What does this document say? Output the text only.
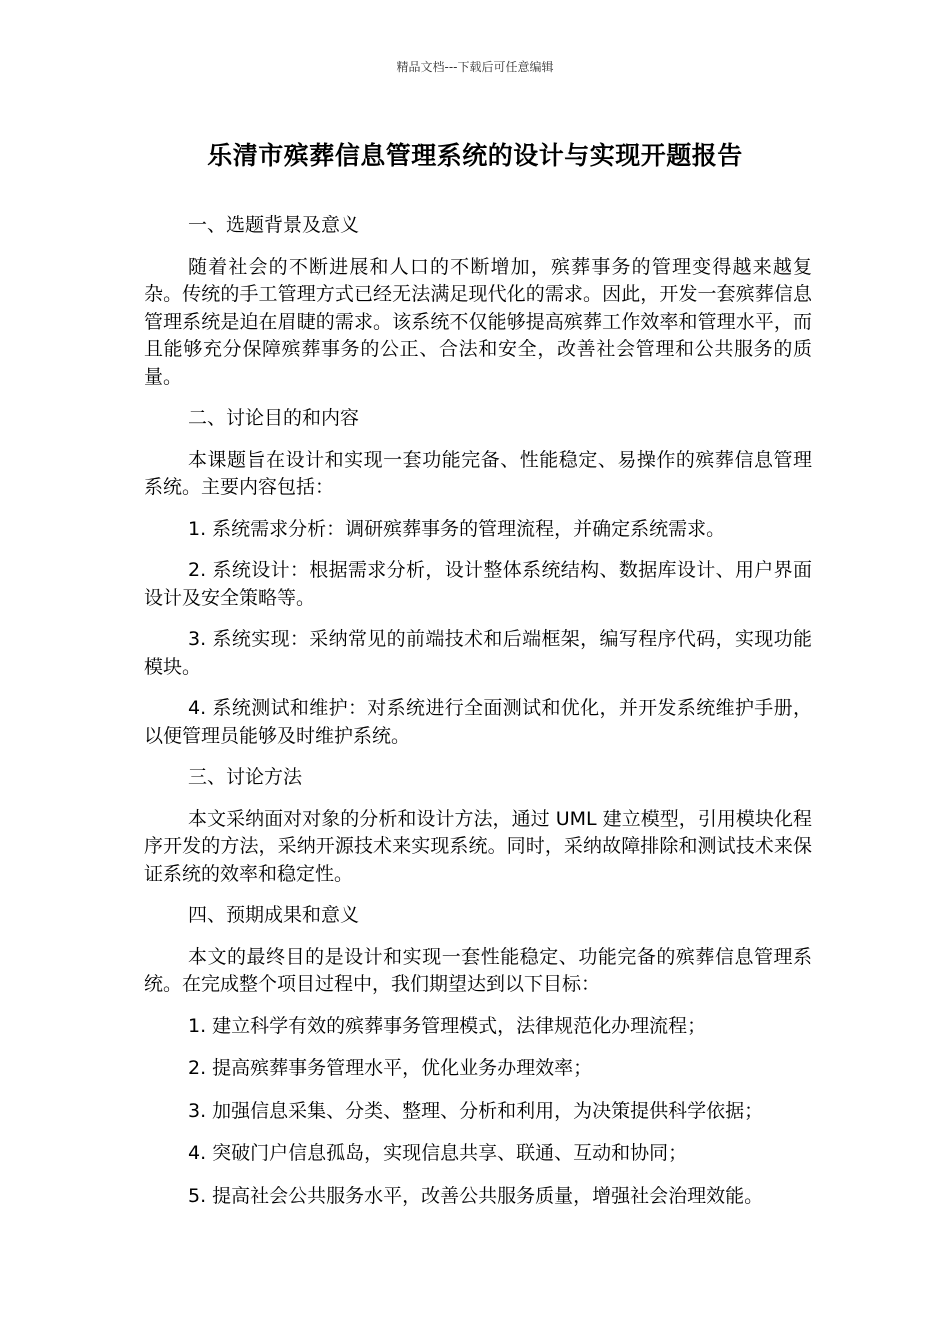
精品文档---下载后可任意编辑
乐清市殡葬信息管理系统的设计与实现开题报告

一、选题背景及意义

随着社会的不断进展和人口的不断增加，殡葬事务的管理变得越来越复杂。传统的手工管理方式已经无法满足现代化的需求。因此，开发一套殡葬信息管理系统是迫在眉睫的需求。该系统不仅能够提高殡葬工作效率和管理水平，而且能够充分保障殡葬事务的公正、合法和安全，改善社会管理和公共服务的质量。

二、讨论目的和内容

本课题旨在设计和实现一套功能完备、性能稳定、易操作的殡葬信息管理系统。主要内容包括：

1. 系统需求分析：调研殡葬事务的管理流程，并确定系统需求。

2. 系统设计：根据需求分析，设计整体系统结构、数据库设计、用户界面设计及安全策略等。

3. 系统实现：采纳常见的前端技术和后端框架，编写程序代码，实现功能模块。

4. 系统测试和维护：对系统进行全面测试和优化，并开发系统维护手册，以便管理员能够及时维护系统。

三、讨论方法

本文采纳面对对象的分析和设计方法，通过 UML 建立模型，引用模块化程序开发的方法，采纳开源技术来实现系统。同时，采纳故障排除和测试技术来保证系统的效率和稳定性。

四、预期成果和意义

本文的最终目的是设计和实现一套性能稳定、功能完备的殡葬信息管理系统。在完成整个项目过程中，我们期望达到以下目标：

1. 建立科学有效的殡葬事务管理模式，法律规范化办理流程；

2. 提高殡葬事务管理水平，优化业务办理效率；

3. 加强信息采集、分类、整理、分析和利用，为决策提供科学依据；

4. 突破门户信息孤岛，实现信息共享、联通、互动和协同；

5. 提高社会公共服务水平，改善公共服务质量，增强社会治理效能。
